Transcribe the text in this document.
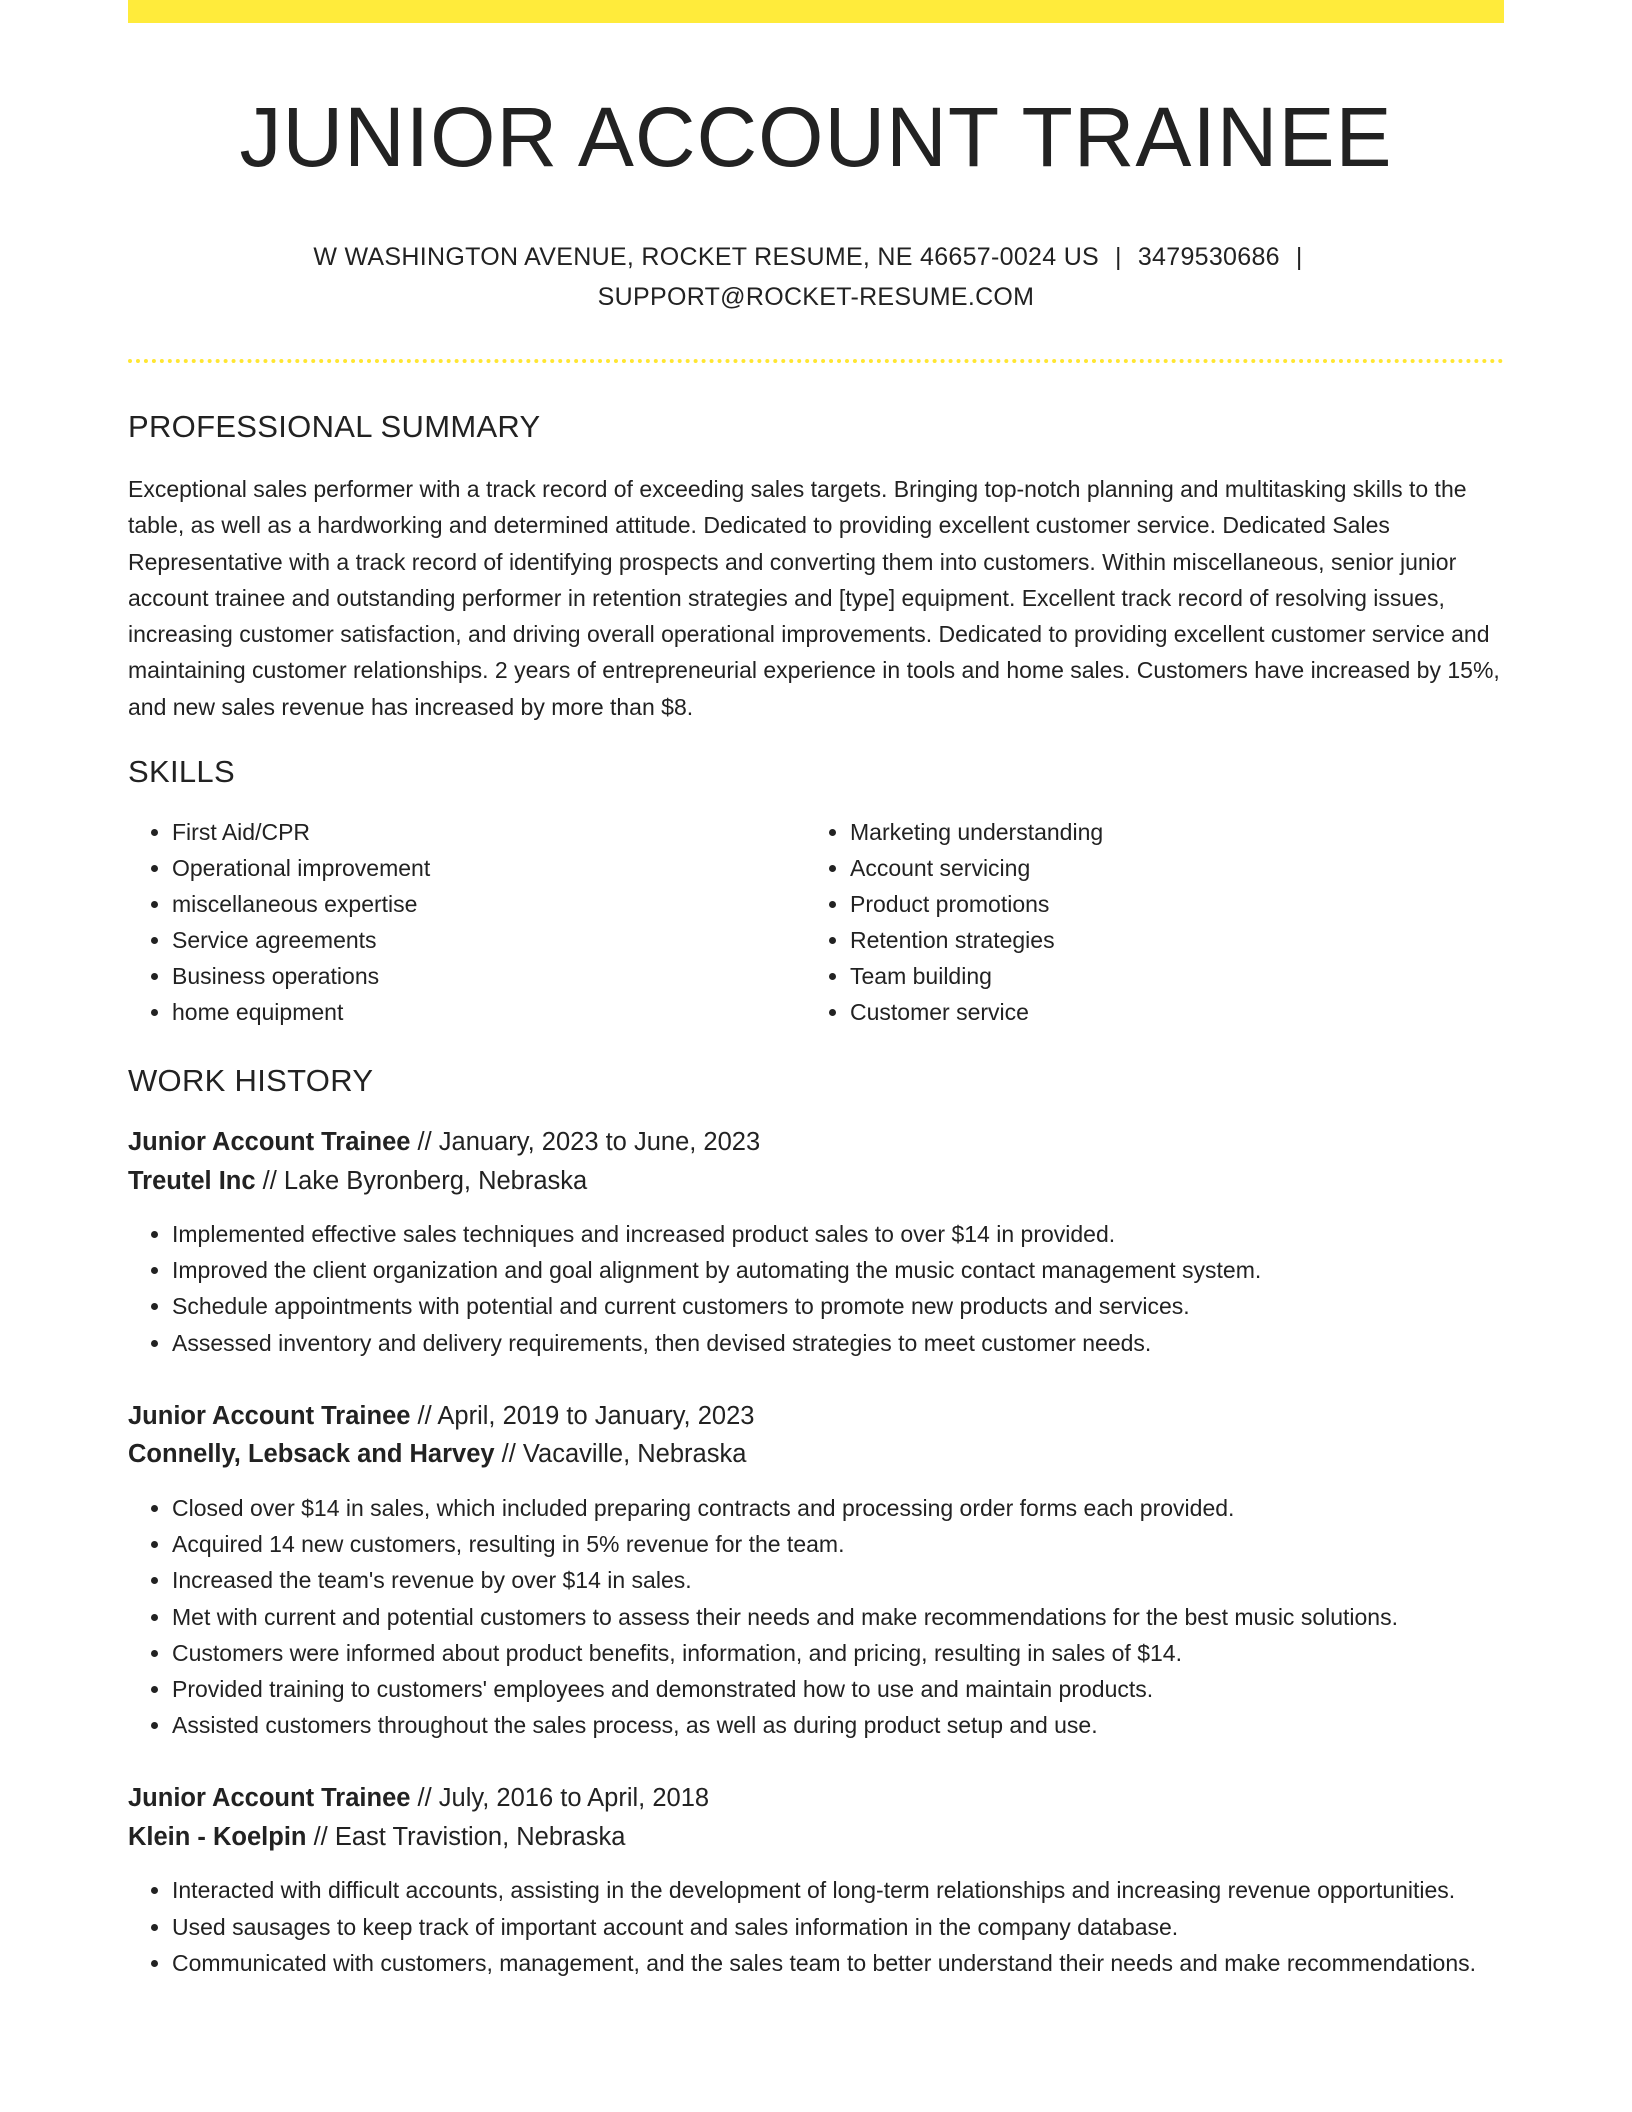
JUNIOR ACCOUNT TRAINEE
W WASHINGTON AVENUE, ROCKET RESUME, NE 46657-0024 US | 3479530686 |
SUPPORT@ROCKET-RESUME.COM
PROFESSIONAL SUMMARY

Exceptional sales performer with a track record of exceeding sales targets. Bringing top-notch planning and multitasking skills to the table, as well as a hardworking and determined attitude. Dedicated to providing excellent customer service. Dedicated Sales Representative with a track record of identifying prospects and converting them into customers. Within miscellaneous, senior junior account trainee and outstanding performer in retention strategies and [type] equipment. Excellent track record of resolving issues, increasing customer satisfaction, and driving overall operational improvements. Dedicated to providing excellent customer service and maintaining customer relationships. 2 years of entrepreneurial experience in tools and home sales. Customers have increased by 15%, and new sales revenue has increased by more than $8.

SKILLS
• First Aid/CPR
• Operational improvement
• miscellaneous expertise
• Service agreements
• Business operations
• home equipment
• Marketing understanding
• Account servicing
• Product promotions
• Retention strategies
• Team building
• Customer service
WORK HISTORY
Junior Account Trainee // January, 2023 to June, 2023
Treutel Inc // Lake Byronberg, Nebraska
• Implemented effective sales techniques and increased product sales to over $14 in provided.
• Improved the client organization and goal alignment by automating the music contact management system.
• Schedule appointments with potential and current customers to promote new products and services.
• Assessed inventory and delivery requirements, then devised strategies to meet customer needs.
Junior Account Trainee // April, 2019 to January, 2023
Connelly, Lebsack and Harvey // Vacaville, Nebraska
• Closed over $14 in sales, which included preparing contracts and processing order forms each provided.
• Acquired 14 new customers, resulting in 5% revenue for the team.
• Increased the team's revenue by over $14 in sales.
• Met with current and potential customers to assess their needs and make recommendations for the best music solutions.
• Customers were informed about product benefits, information, and pricing, resulting in sales of $14.
• Provided training to customers' employees and demonstrated how to use and maintain products.
• Assisted customers throughout the sales process, as well as during product setup and use.
Junior Account Trainee // July, 2016 to April, 2018
Klein - Koelpin // East Travistion, Nebraska
• Interacted with difficult accounts, assisting in the development of long-term relationships and increasing revenue opportunities.
• Used sausages to keep track of important account and sales information in the company database.
• Communicated with customers, management, and the sales team to better understand their needs and make recommendations.
